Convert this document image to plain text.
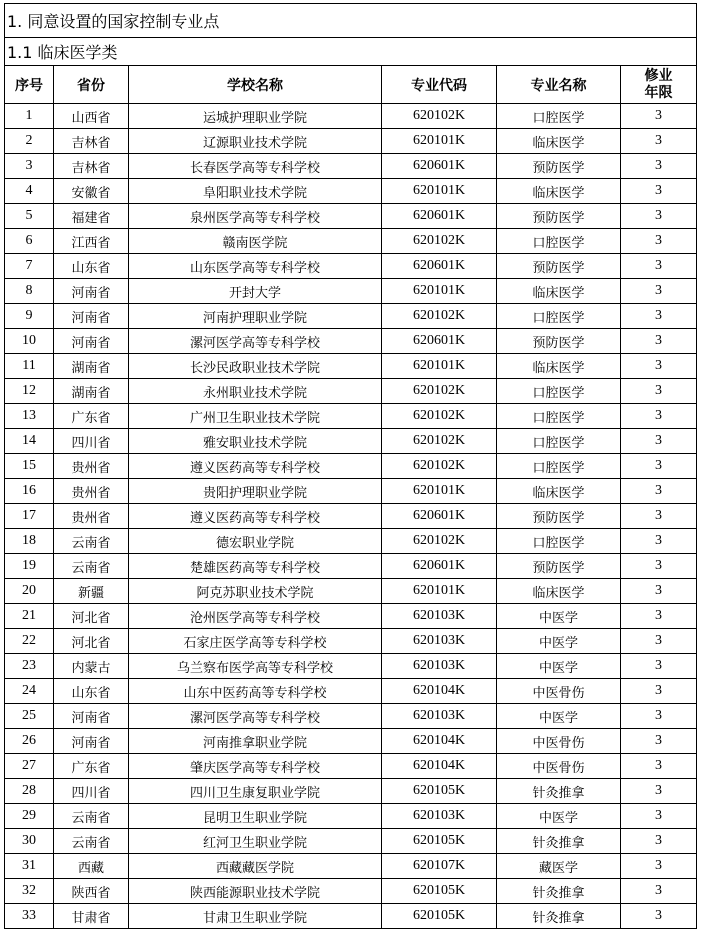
1. 同意设置的国家控制专业点					
1.1 临床医学类					
序号	省份	学校名称	专业代码	专业名称	修业
年限
1	山西省	运城护理职业学院	620102K	口腔医学	3
2	吉林省	辽源职业技术学院	620101K	临床医学	3
3	吉林省	长春医学高等专科学校	620601K	预防医学	3
4	安徽省	阜阳职业技术学院	620101K	临床医学	3
5	福建省	泉州医学高等专科学校	620601K	预防医学	3
6	江西省	赣南医学院	620102K	口腔医学	3
7	山东省	山东医学高等专科学校	620601K	预防医学	3
8	河南省	开封大学	620101K	临床医学	3
9	河南省	河南护理职业学院	620102K	口腔医学	3
10	河南省	漯河医学高等专科学校	620601K	预防医学	3
11	湖南省	长沙民政职业技术学院	620101K	临床医学	3
12	湖南省	永州职业技术学院	620102K	口腔医学	3
13	广东省	广州卫生职业技术学院	620102K	口腔医学	3
14	四川省	雅安职业技术学院	620102K	口腔医学	3
15	贵州省	遵义医药高等专科学校	620102K	口腔医学	3
16	贵州省	贵阳护理职业学院	620101K	临床医学	3
17	贵州省	遵义医药高等专科学校	620601K	预防医学	3
18	云南省	德宏职业学院	620102K	口腔医学	3
19	云南省	楚雄医药高等专科学校	620601K	预防医学	3
20	新疆	阿克苏职业技术学院	620101K	临床医学	3
21	河北省	沧州医学高等专科学校	620103K	中医学	3
22	河北省	石家庄医学高等专科学校	620103K	中医学	3
23	内蒙古	乌兰察布医学高等专科学校	620103K	中医学	3
24	山东省	山东中医药高等专科学校	620104K	中医骨伤	3
25	河南省	漯河医学高等专科学校	620103K	中医学	3
26	河南省	河南推拿职业学院	620104K	中医骨伤	3
27	广东省	肇庆医学高等专科学校	620104K	中医骨伤	3
28	四川省	四川卫生康复职业学院	620105K	针灸推拿	3
29	云南省	昆明卫生职业学院	620103K	中医学	3
30	云南省	红河卫生职业学院	620105K	针灸推拿	3
31	西藏	西藏藏医学院	620107K	藏医学	3
32	陕西省	陕西能源职业技术学院	620105K	针灸推拿	3
33	甘肃省	甘肃卫生职业学院	620105K	针灸推拿	3
